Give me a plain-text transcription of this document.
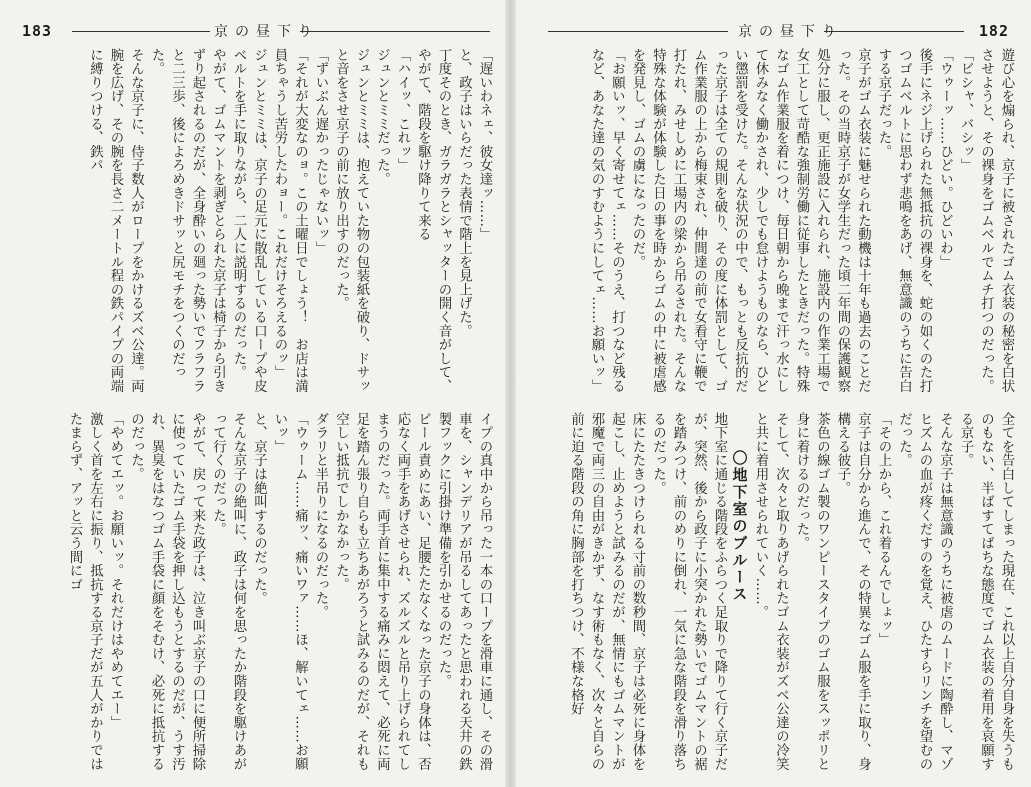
183	京の昼下り

「遅いわネェ、彼女達ッ……」

と、政子はいらだった表情で階上を見上げた。

丁度そのとき、ガラガラとシャッターの開く音がして、やがて、階段を駆け降りて来る

「ハイッ、これッ」

ジュンとミミだった。

ジュンとミミは、抱えていた物の包装紙を破り、ドサッと音をさせ京子の前に放り出すのだった。

「ずいぶん遅かったじゃないッ」

「それが大変なのョ。この土曜日でしょう！　お店は満員ちゃうし苦労したわョー。これだけそろえるのッ」

ジュンとミミは、京子の足元に散乱している口ープや皮ベルトを手に取りながら、二人に説明するのだった。

やがて、ゴムマントを剥ぎとられた京子は椅子から引きずり起されるのだが、全身酔いの廻った勢いでフラフラと二三歩、後によろめきドサッと尻モチをつくのだった。

そんな京子に、侍子数人がロープをかけるズベ公達。両腕を広げ、その腕を長さ二メートル程の鉄パイプの両端に縛りつける、鉄パ

イプの真中から吊った一本の口ープを滑車に通し、その滑車を、シャンデリアが吊るしてあったと思われる天井の鉄製フックに引掛け準備を引かせるのだった。

ビール責めにあい、足腰たたなくなった京子の身体は、否応なく両手をあげさせられ、ズルズルと吊り上げられてしまうのだった。両手首に集中する痛みに悶えて、必死に両足を踏ん張り自らも立ちあがろうと試みるのだが、それも空しい抵抗でしかなかった。

ダラリと半吊りになるのだった。

「ウゥーム……痛ッ、痛いワァ……ほ、解いてェ……お願いッ」

と、京子は絶叫するのだった。

そんな京子の絶叫に、政子は何を思ったか階段を駆けあがって行くのだった。

やがて、戻って来た政子は、泣き叫ぶ京子の口に便所掃除に使っていたゴム手袋を押し込もうとするのだが、うす汚れ、異臭をはなつゴム手袋に顔をそむけ、必死に抵抗するのだった。

「やめてエッ。お願いッ。それだけはやめてエー」

激しく首を左右に振り、抵抗する京子だが五人がかりではたまらず、アッと云う間にゴ

京の昼下り	182

遊び心を煽られ、京子に被されたゴム衣装の秘密を白状させようと、その裸身をゴムベルでムチ打つのだった。「ビシャ、バシッ」

「ウゥーッ……ひどい。ひどいわ」

後手にネジ上げられた無抵抗の裸身を、蛇の如くのた打つゴムベルトに思わず悲鳴をあげ、無意識のうちに告白する京子だった。

京子がゴム衣装に魅せられた動機は十年も過去のことだった。その当時京子が女学生だった頃二年間の保護観察処分に服し、更正施設に入れられ、施設内の作業工場で女工として苛酷な強制労働に従事したときだった。特殊なゴム作業服を着につけ、毎日朝から晩まで汗っ水にして休みなく働かされ、少しでも怠けようものなら、ひどい懲罰を受けた。そんな状況の中で、もっとも反抗的だった京子は全ての規則を破り、その度に体罰として、ゴム作業服の上から梅束され、仲間達の前で女看守に鞭で打たれ、みせしめに工場内の梁から吊るされた。そんな特殊な体験が体験した日の事を時からゴムの中に被虐感を発見し、ゴムの虜になったのだ。

「お願いッ、早く寄せてェ……そのうえ、打つなど残るなど、あなた達の気のすむようにしてェ……お願いッ」

全てを告白してしまった現在、これ以上自分自身を失うものもない、半ばすてばちな態度でゴム衣装の着用を哀願する京子。

そんな京子は無意識のうちに被虐のムードに陶酔し、マゾヒズムの血が疼くだすのを覚え、ひたすらリンチを望むのだった。

「その上から、これ着るんでしょッ」

京子は自分から進んで、その特異なゴム服を手に取り、身構える彼子。

茶色の線ゴム製のワンピースタイプのゴム服をスッポリと身に着けるのだった。

そして、次々と取りあげられたゴム衣装がズベ公達の冷笑と共に着用させられていく……。

〇地下室のブルース

地下室に通じる階段をふらつく足取りで降りて行く京子だが、突然、後から政子に小突かれた勢いでゴムマントの裾を踏みつけ、前のめりに倒れ、一気に急な階段を滑り落ちるのだった。

床にたたきつけられる寸前の数秒間、京子は必死に身体を起こし、止めようと試みるのだが、無情にもゴムマントが邪魔で両三の自由がきかず、なす術もなく、次々と自らの前に迫る階段の角に胸部を打ちつけ、不様な格好
